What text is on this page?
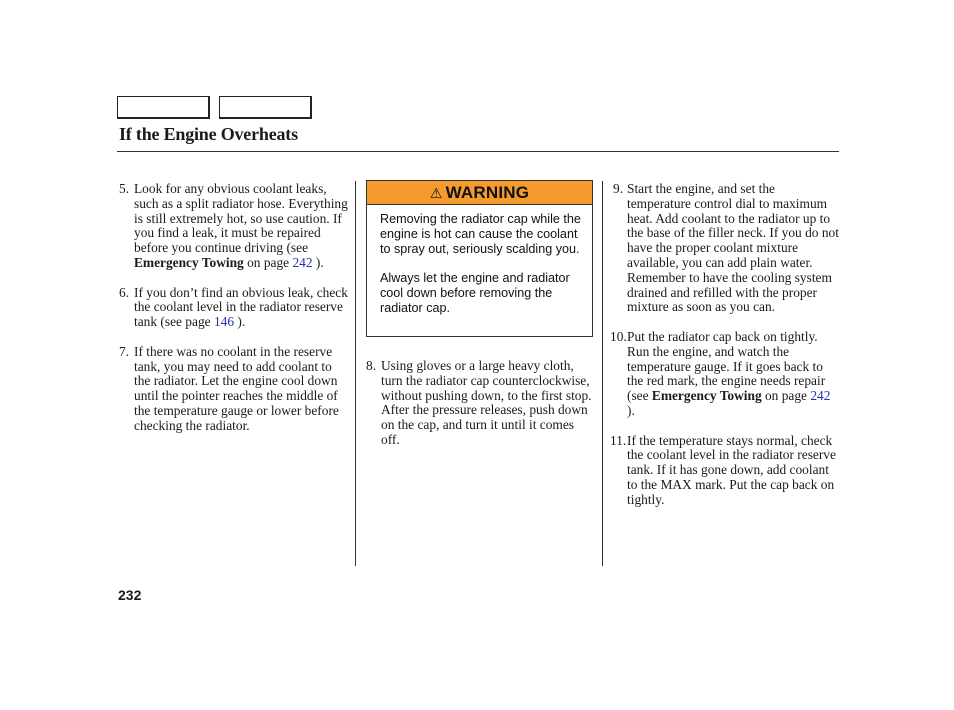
If the Engine Overheats
5. Look for any obvious coolant leaks, such as a split radiator hose. Everything is still extremely hot, so use caution. If you find a leak, it must be repaired before you continue driving (see Emergency Towing on page 242 ).
6. If you don’t find an obvious leak, check the coolant level in the radiator reserve tank (see page 146 ).
7. If there was no coolant in the reserve tank, you may need to add coolant to the radiator. Let the engine cool down until the pointer reaches the middle of the temperature gauge or lower before checking the radiator.
⚠ WARNING

Removing the radiator cap while the engine is hot can cause the coolant to spray out, seriously scalding you.

Always let the engine and radiator cool down before removing the radiator cap.

8. Using gloves or a large heavy cloth, turn the radiator cap counterclockwise, without pushing down, to the first stop. After the pressure releases, push down on the cap, and turn it until it comes off.
9. Start the engine, and set the temperature control dial to maximum heat. Add coolant to the radiator up to the base of the filler neck. If you do not have the proper coolant mixture available, you can add plain water. Remember to have the cooling system drained and refilled with the proper mixture as soon as you can.
10. Put the radiator cap back on tightly. Run the engine, and watch the temperature gauge. If it goes back to the red mark, the engine needs repair (see Emergency Towing on page 242 ).
11. If the temperature stays normal, check the coolant level in the radiator reserve tank. If it has gone down, add coolant to the MAX mark. Put the cap back on tightly.
232
